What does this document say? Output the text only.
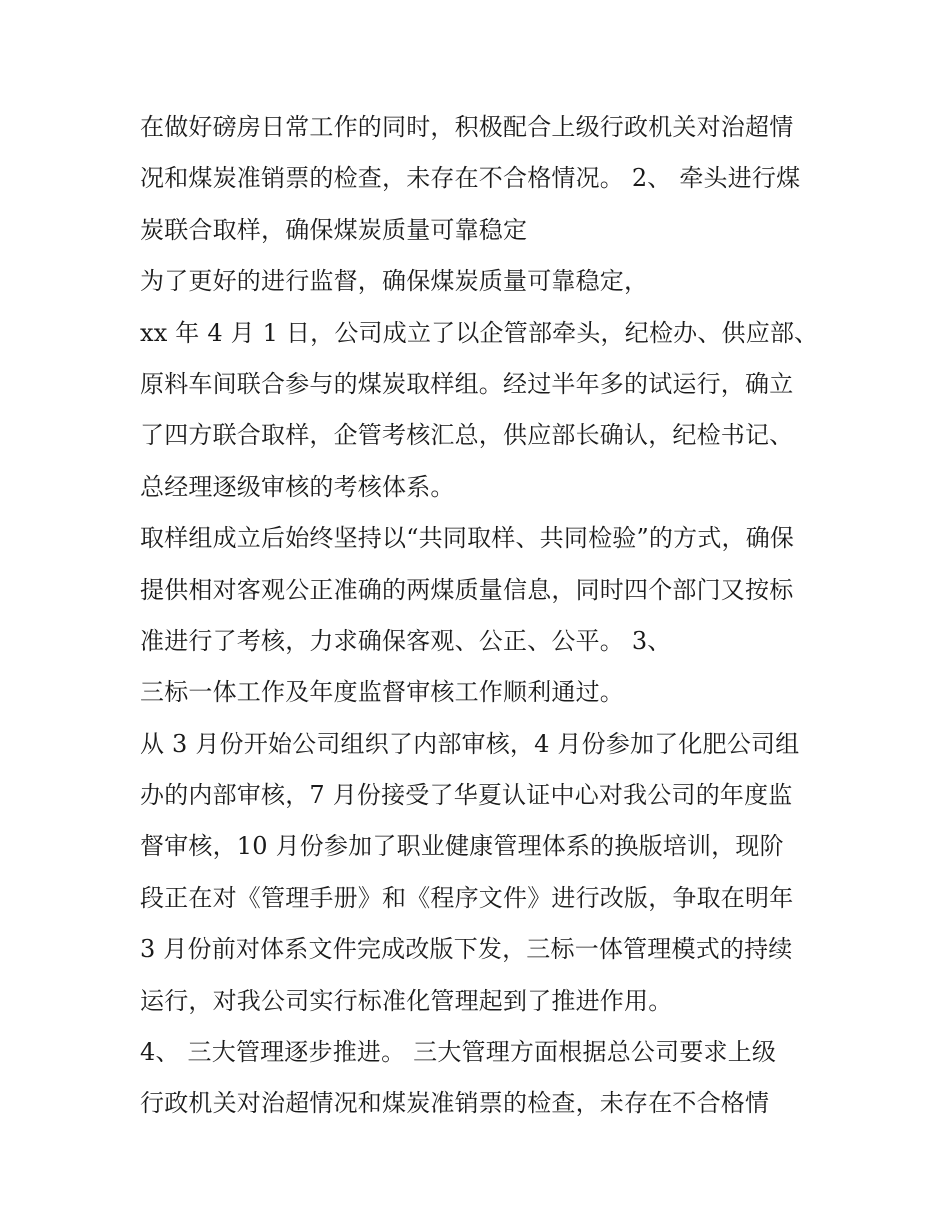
在做好磅房日常工作的同时，积极配合上级行政机关对治超情
况和煤炭准销票的检查，未存在不合格情况。 2、 牵头进行煤
炭联合取样，确保煤炭质量可靠稳定
为了更好的进行监督，确保煤炭质量可靠稳定，
xx 年 4 月 1 日，公司成立了以企管部牵头，纪检办、供应部、
原料车间联合参与的煤炭取样组。经过半年多的试运行，确立
了四方联合取样，企管考核汇总，供应部长确认，纪检书记、
总经理逐级审核的考核体系。
取样组成立后始终坚持以“共同取样、共同检验”的方式，确保
提供相对客观公正准确的两煤质量信息，同时四个部门又按标
准进行了考核，力求确保客观、公正、公平。 3、
三标一体工作及年度监督审核工作顺利通过。
从 3 月份开始公司组织了内部审核，4 月份参加了化肥公司组
办的内部审核，7 月份接受了华夏认证中心对我公司的年度监
督审核，10 月份参加了职业健康管理体系的换版培训，现阶
段正在对《管理手册》和《程序文件》进行改版，争取在明年
3 月份前对体系文件完成改版下发，三标一体管理模式的持续
运行，对我公司实行标准化管理起到了推进作用。
4、 三大管理逐步推进。 三大管理方面根据总公司要求上级
行政机关对治超情况和煤炭准销票的检查，未存在不合格情
